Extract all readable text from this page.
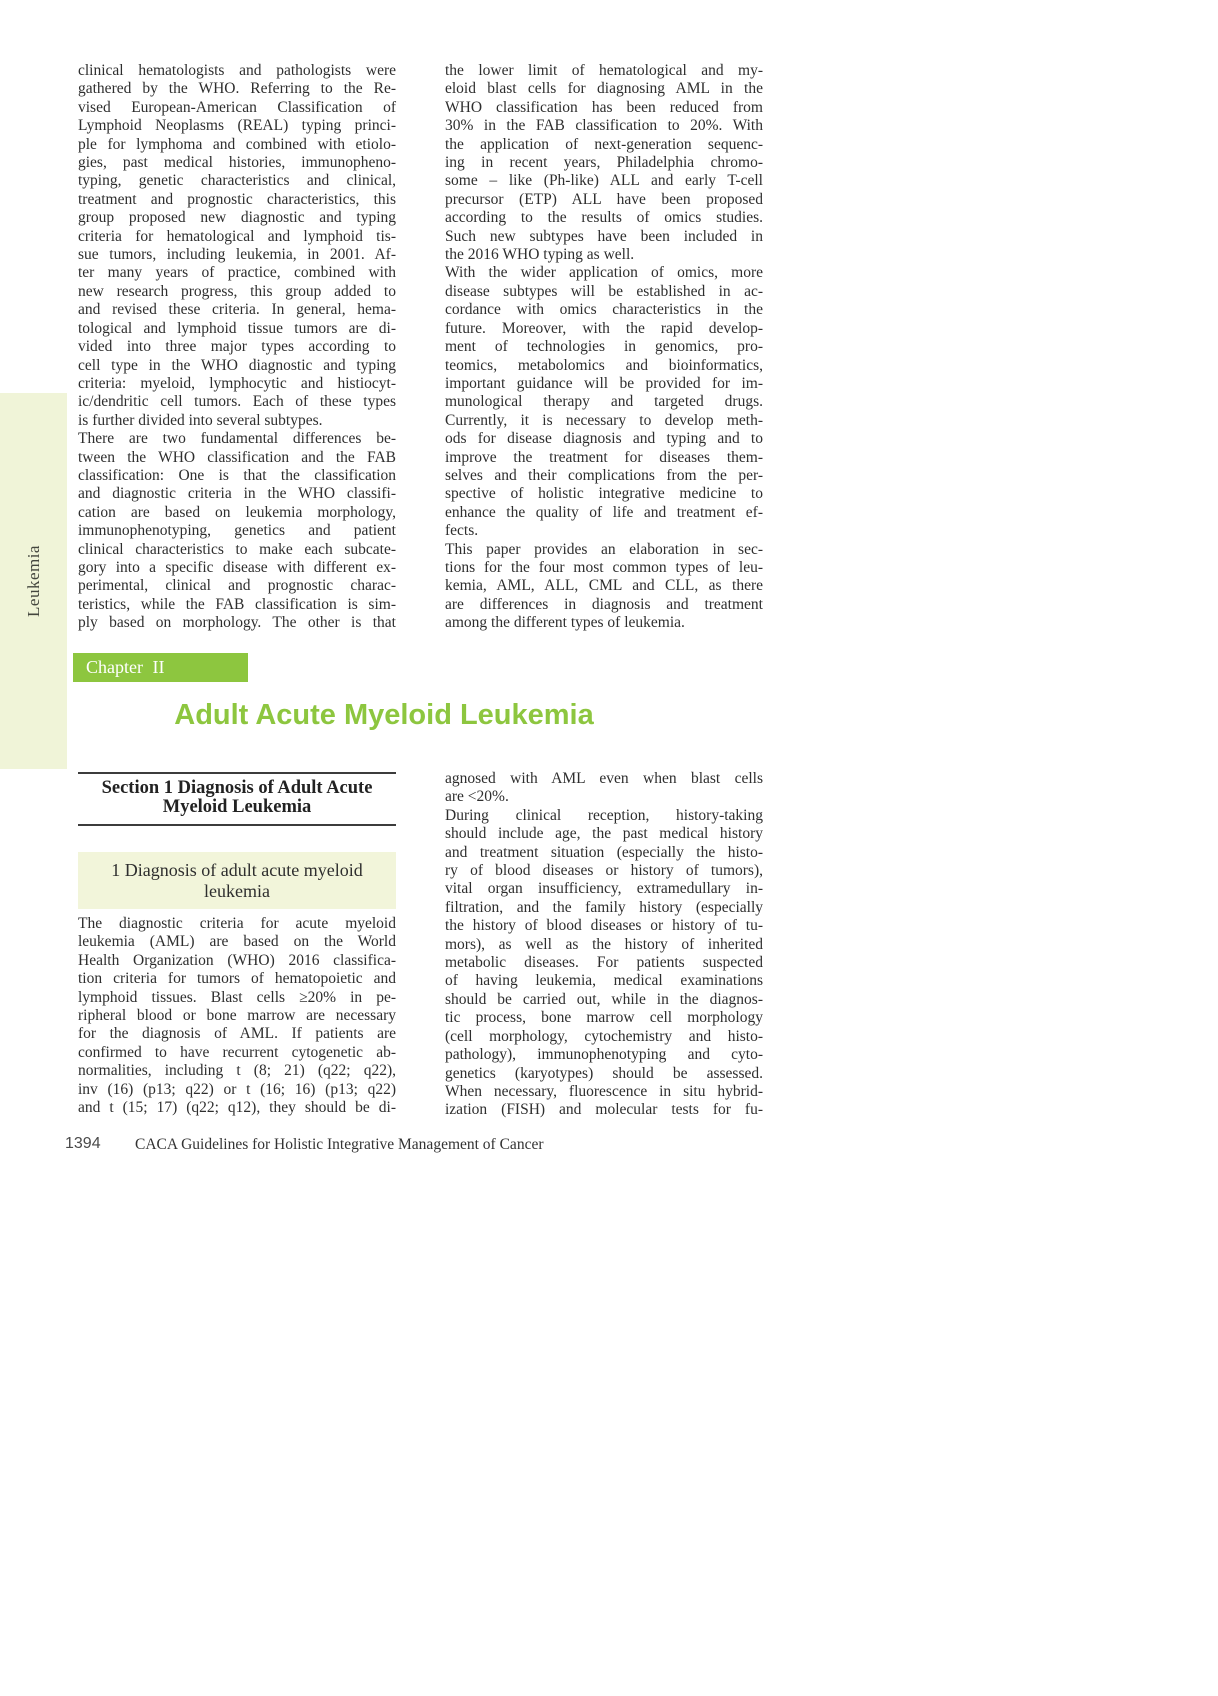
Leukemia
clinical hematologists and pathologists were
gathered by the WHO. Referring to the Re-
vised European-American Classification of
Lymphoid Neoplasms (REAL) typing princi-
ple for lymphoma and combined with etiolo-
gies, past medical histories, immunopheno-
typing, genetic characteristics and clinical,
treatment and prognostic characteristics, this
group proposed new diagnostic and typing
criteria for hematological and lymphoid tis-
sue tumors, including leukemia, in 2001. Af-
ter many years of practice, combined with
new research progress, this group added to
and revised these criteria. In general, hema-
tological and lymphoid tissue tumors are di-
vided into three major types according to
cell type in the WHO diagnostic and typing
criteria: myeloid, lymphocytic and histiocyt-
ic/dendritic cell tumors. Each of these types
is further divided into several subtypes.
There are two fundamental differences be-
tween the WHO classification and the FAB
classification: One is that the classification
and diagnostic criteria in the WHO classifi-
cation are based on leukemia morphology,
immunophenotyping, genetics and patient
clinical characteristics to make each subcate-
gory into a specific disease with different ex-
perimental, clinical and prognostic charac-
teristics, while the FAB classification is sim-
ply based on morphology. The other is that
the lower limit of hematological and my-
eloid blast cells for diagnosing AML in the
WHO classification has been reduced from
30% in the FAB classification to 20%. With
the application of next-generation sequenc-
ing in recent years, Philadelphia chromo-
some – like (Ph-like) ALL and early T-cell
precursor (ETP) ALL have been proposed
according to the results of omics studies.
Such new subtypes have been included in
the 2016 WHO typing as well.
With the wider application of omics, more
disease subtypes will be established in ac-
cordance with omics characteristics in the
future. Moreover, with the rapid develop-
ment of technologies in genomics, pro-
teomics, metabolomics and bioinformatics,
important guidance will be provided for im-
munological therapy and targeted drugs.
Currently, it is necessary to develop meth-
ods for disease diagnosis and typing and to
improve the treatment for diseases them-
selves and their complications from the per-
spective of holistic integrative medicine to
enhance the quality of life and treatment ef-
fects.
This paper provides an elaboration in sec-
tions for the four most common types of leu-
kemia, AML, ALL, CML and CLL, as there
are differences in diagnosis and treatment
among the different types of leukemia.
Chapter II
Adult Acute Myeloid Leukemia
Section 1 Diagnosis of Adult Acute
Myeloid Leukemia
1 Diagnosis of adult acute myeloid
leukemia
The diagnostic criteria for acute myeloid
leukemia (AML) are based on the World
Health Organization (WHO) 2016 classifica-
tion criteria for tumors of hematopoietic and
lymphoid tissues. Blast cells ≥20% in pe-
ripheral blood or bone marrow are necessary
for the diagnosis of AML. If patients are
confirmed to have recurrent cytogenetic ab-
normalities, including t (8; 21) (q22; q22),
inv (16) (p13; q22) or t (16; 16) (p13; q22)
and t (15; 17) (q22; q12), they should be di-
agnosed with AML even when blast cells
are <20%.
During clinical reception, history-taking
should include age, the past medical history
and treatment situation (especially the histo-
ry of blood diseases or history of tumors),
vital organ insufficiency, extramedullary in-
filtration, and the family history (especially
the history of blood diseases or history of tu-
mors), as well as the history of inherited
metabolic diseases. For patients suspected
of having leukemia, medical examinations
should be carried out, while in the diagnos-
tic process, bone marrow cell morphology
(cell morphology, cytochemistry and histo-
pathology), immunophenotyping and cyto-
genetics (karyotypes) should be assessed.
When necessary, fluorescence in situ hybrid-
ization (FISH) and molecular tests for fu-
1394 CACA Guidelines for Holistic Integrative Management of Cancer
